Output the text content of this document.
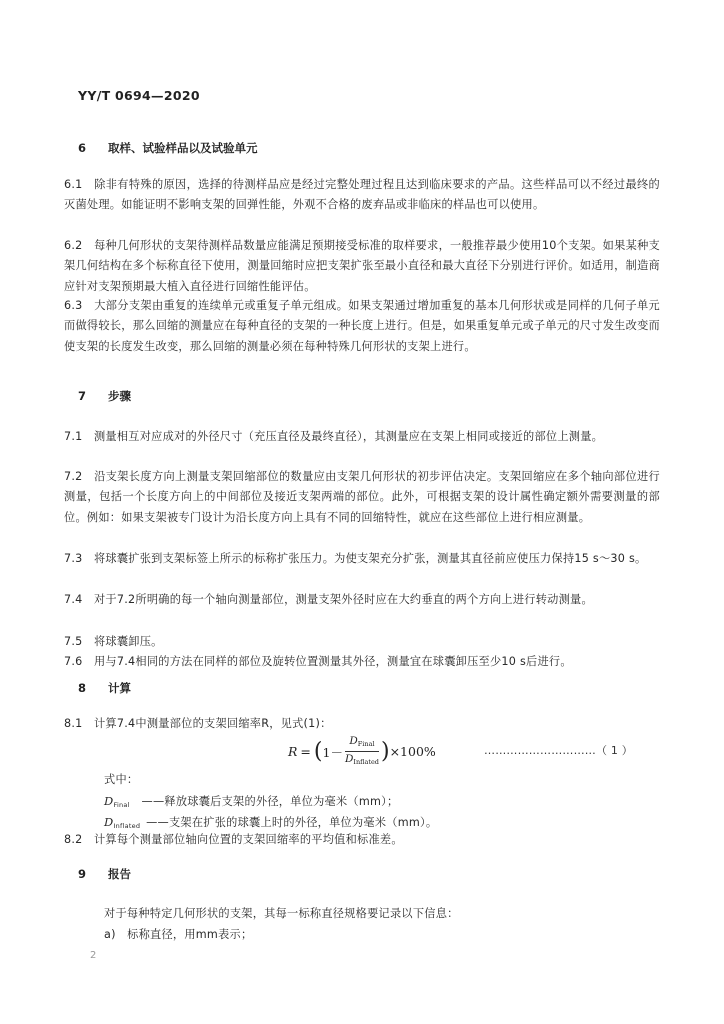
YY/T 0694—2020
6 取样、试验样品以及试验单元
6.1　除非有特殊的原因，选择的待测样品应是经过完整处理过程且达到临床要求的产品。这些样品可以不经过最终的灭菌处理。如能证明不影响支架的回弹性能，外观不合格的废弃品或非临床的样品也可以使用。
6.2　每种几何形状的支架待测样品数量应能满足预期接受标准的取样要求，一般推荐最少使用10个支架。如果某种支架几何结构在多个标称直径下使用，测量回缩时应把支架扩张至最小直径和最大直径下分别进行评价。如适用，制造商应针对支架预期最大植入直径进行回缩性能评估。
6.3　大部分支架由重复的连续单元或重复子单元组成。如果支架通过增加重复的基本几何形状或是同样的几何子单元而做得较长，那么回缩的测量应在每种直径的支架的一种长度上进行。但是，如果重复单元或子单元的尺寸发生改变而使支架的长度发生改变，那么回缩的测量必须在每种特殊几何形状的支架上进行。
7 步骤
7.1　测量相互对应成对的外径尺寸（充压直径及最终直径），其测量应在支架上相同或接近的部位上测量。
7.2　沿支架长度方向上测量支架回缩部位的数量应由支架几何形状的初步评估决定。支架回缩应在多个轴向部位进行测量，包括一个长度方向上的中间部位及接近支架两端的部位。此外，可根据支架的设计属性确定额外需要测量的部位。例如：如果支架被专门设计为沿长度方向上具有不同的回缩特性，就应在这些部位上进行相应测量。
7.3　将球囊扩张到支架标签上所示的标称扩张压力。为使支架充分扩张，测量其直径前应使压力保持15 s～30 s。
7.4　对于7.2所明确的每一个轴向测量部位，测量支架外径时应在大约垂直的两个方向上进行转动测量。
7.5　将球囊卸压。
7.6　用与7.4相同的方法在同样的部位及旋转位置测量其外径，测量宜在球囊卸压至少10 s后进行。
8 计算
8.1　计算7.4中测量部位的支架回缩率R，见式(1)：
R = ( $1- \frac{D_{Final}}{D_{Inflated}}$ ) ×100%	…………………………（ 1 ）
式中：
$D_{Final}$ ——释放球囊后支架的外径，单位为毫米（mm）；
$D_{Inflated}$ ——支架在扩张的球囊上时的外径，单位为毫米（mm）。
8.2　计算每个测量部位轴向位置的支架回缩率的平均值和标准差。
9 报告
对于每种特定几何形状的支架，其每一标称直径规格要记录以下信息：
a)　标称直径，用mm表示；
2
